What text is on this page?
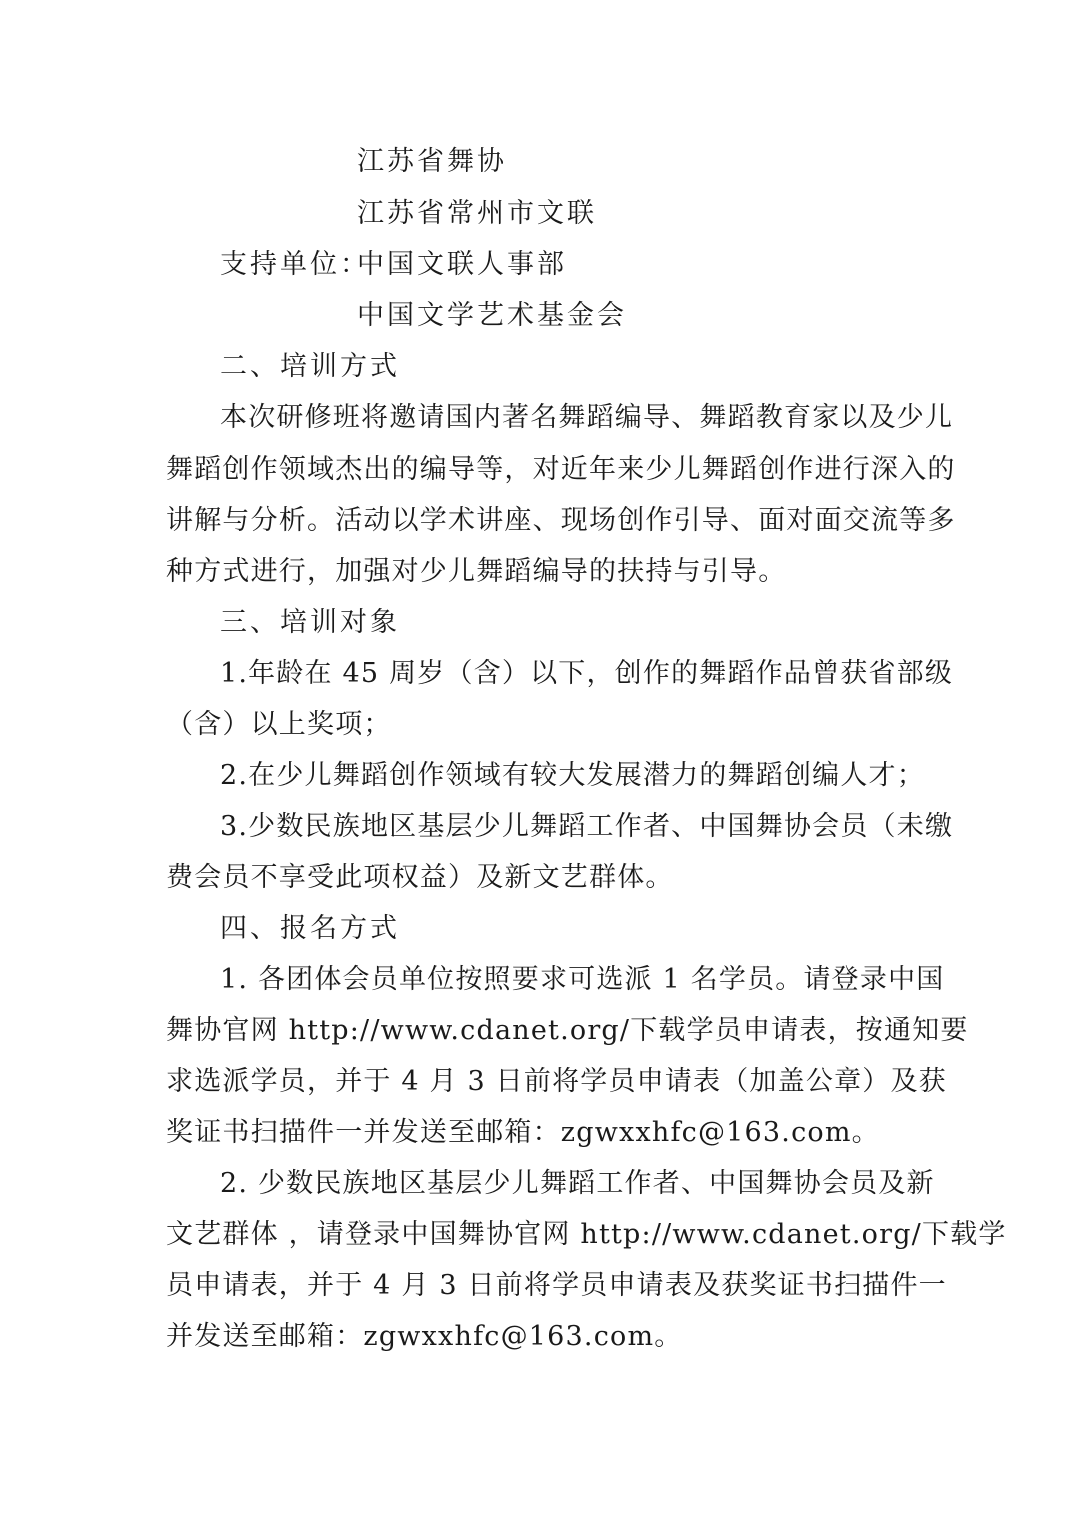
江苏省舞协
江苏省常州市文联
支持单位：
中国文联人事部
中国文学艺术基金会
二、培训方式
本次研修班将邀请国内著名舞蹈编导、舞蹈教育家以及少儿
舞蹈创作领域杰出的编导等，对近年来少儿舞蹈创作进行深入的
讲解与分析。活动以学术讲座、现场创作引导、面对面交流等多
种方式进行，加强对少儿舞蹈编导的扶持与引导。
三、培训对象
1.年龄在 45 周岁（含）以下，创作的舞蹈作品曾获省部级
（含）以上奖项；
2.在少儿舞蹈创作领域有较大发展潜力的舞蹈创编人才；
3.少数民族地区基层少儿舞蹈工作者、中国舞协会员（未缴
费会员不享受此项权益）及新文艺群体。
四、报名方式
1. 各团体会员单位按照要求可选派 1 名学员。请登录中国
舞协官网 http://www.cdanet.org/下载学员申请表，按通知要
求选派学员，并于 4 月 3 日前将学员申请表（加盖公章）及获
奖证书扫描件一并发送至邮箱：zgwxxhfc@163.com。
2. 少数民族地区基层少儿舞蹈工作者、中国舞协会员及新
文艺群体 ，请登录中国舞协官网 http://www.cdanet.org/下载学
员申请表，并于 4 月 3 日前将学员申请表及获奖证书扫描件一
并发送至邮箱：zgwxxhfc@163.com。
